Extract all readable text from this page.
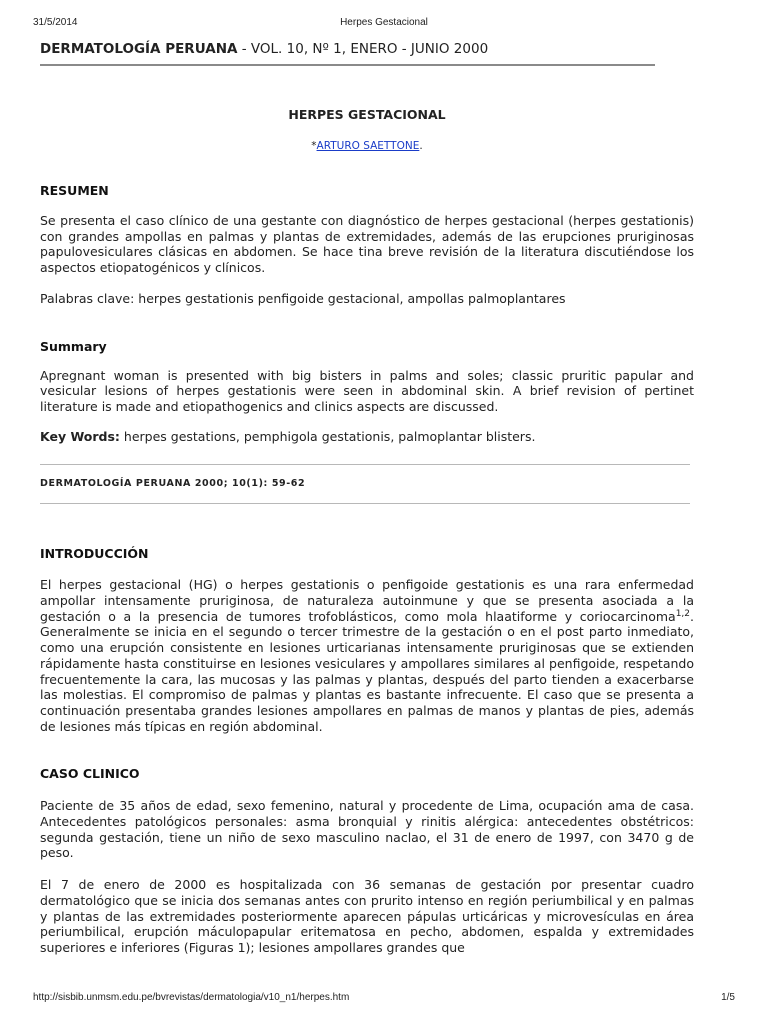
31/5/2014	Herpes Gestacional

DERMATOLOGÍA PERUANA - VOL. 10, Nº 1, ENERO - JUNIO 2000

HERPES GESTACIONAL

*ARTURO SAETTONE.

RESUMEN

Se presenta el caso clínico de una gestante con diagnóstico de herpes gestacional (herpes gestationis) con grandes ampollas en palmas y plantas de extremidades, además de las erupciones pruriginosas papulovesiculares clásicas en abdomen. Se hace tina breve revisión de la literatura discutiéndose los aspectos etiopatogénicos y clínicos.

Palabras clave: herpes gestationis penfigoide gestacional, ampollas palmoplantares

Summary

Apregnant woman is presented with big bisters in palms and soles; classic pruritic papular and vesicular lesions of herpes gestationis were seen in abdominal skin. A brief revision of pertinet literature is made and etiopathogenics and clinics aspects are discussed.

Key Words: herpes gestations, pemphigola gestationis, palmoplantar blisters.

DERMATOLOGÍA PERUANA 2000; 10(1): 59-62

INTRODUCCIÓN

El herpes gestacional (HG) o herpes gestationis o penfigoide gestationis es una rara enfermedad ampollar intensamente pruriginosa, de naturaleza autoinmune y que se presenta asociada a la gestación o a la presencia de tumores trofoblásticos, como mola hlaatiforme y coriocarcinoma$^{1,2}$. Generalmente se inicia en el segundo o tercer trimestre de la gestación o en el post parto inmediato, como una erupción consistente en lesiones urticarianas intensamente pruriginosas que se extienden rápidamente hasta constituirse en lesiones vesiculares y ampollares similares al penfigoide, respetando frecuentemente la cara, las mucosas y las palmas y plantas, después del parto tienden a exacerbarse las molestias. El compromiso de palmas y plantas es bastante infrecuente. El caso que se presenta a continuación presentaba grandes lesiones ampollares en palmas de manos y plantas de pies, además de lesiones más típicas en región abdominal.

CASO CLINICO

Paciente de 35 años de edad, sexo femenino, natural y procedente de Lima, ocupación ama de casa. Antecedentes patológicos personales: asma bronquial y rinitis alérgica: antecedentes obstétricos: segunda gestación, tiene un niño de sexo masculino naclao, el 31 de enero de 1997, con 3470 g de peso.

El 7 de enero de 2000 es hospitalizada con 36 semanas de gestación por presentar cuadro dermatológico que se inicia dos semanas antes con prurito intenso en región periumbilical y en palmas y plantas de las extremidades posteriormente aparecen pápulas urticáricas y microvesículas en área periumbilical, erupción máculopapular eritematosa en pecho, abdomen, espalda y extremidades superiores e inferiores (Figuras 1); lesiones ampollares grandes que

http://sisbib.unmsm.edu.pe/bvrevistas/dermatologia/v10_n1/herpes.htm	1/5
